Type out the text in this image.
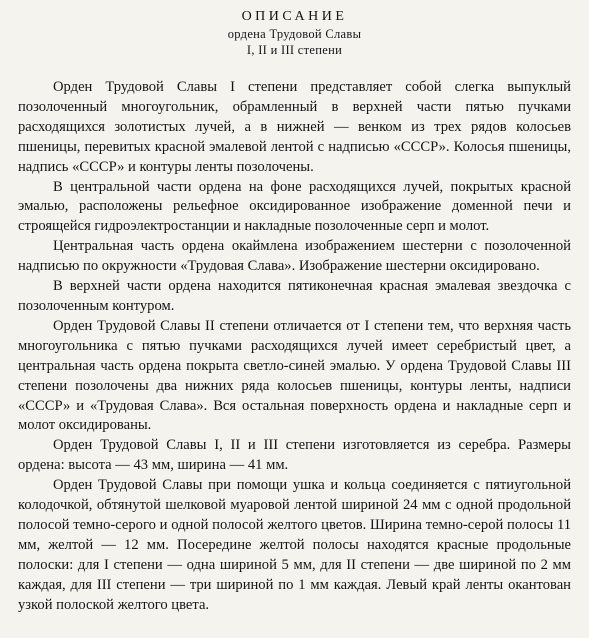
ОПИСАНИЕ
ордена Трудовой Славы
I, II и III степени

Орден Трудовой Славы I степени представляет собой слегка выпуклый позолоченный многоугольник, обрамленный в верхней части пятью пучками расходящихся золотистых лучей, а в нижней — венком из трех рядов колосьев пшеницы, перевитых красной эмалевой лентой с надписью «СССР». Колосья пшеницы, надпись «СССР» и контуры ленты позолочены.

В центральной части ордена на фоне расходящихся лучей, покрытых красной эмалью, расположены рельефное оксидированное изображение доменной печи и строящейся гидроэлектростанции и накладные позолоченные серп и молот.

Центральная часть ордена окаймлена изображением шестерни с позолоченной надписью по окружности «Трудовая Слава». Изображение шестерни оксидировано.

В верхней части ордена находится пятиконечная красная эмалевая звездочка с позолоченным контуром.

Орден Трудовой Славы II степени отличается от I степени тем, что верхняя часть многоугольника с пятью пучками расходящихся лучей имеет серебристый цвет, а центральная часть ордена покрыта светло-синей эмалью. У ордена Трудовой Славы III степени позолочены два нижних ряда колосьев пшеницы, контуры ленты, надписи «СССР» и «Трудовая Слава». Вся остальная поверхность ордена и накладные серп и молот оксидированы.

Орден Трудовой Славы I, II и III степени изготовляется из серебра. Размеры ордена: высота — 43 мм, ширина — 41 мм.

Орден Трудовой Славы при помощи ушка и кольца соединяется с пятиугольной колодочкой, обтянутой шелковой муаровой лентой шириной 24 мм с одной продольной полосой темно-серого и одной полосой желтого цветов. Ширина темно-серой полосы 11 мм, желтой — 12 мм. Посередине желтой полосы находятся красные продольные полоски: для I степени — одна шириной 5 мм, для II степени — две шириной по 2 мм каждая, для III степени — три шириной по 1 мм каждая. Левый край ленты окантован узкой полоской желтого цвета.
